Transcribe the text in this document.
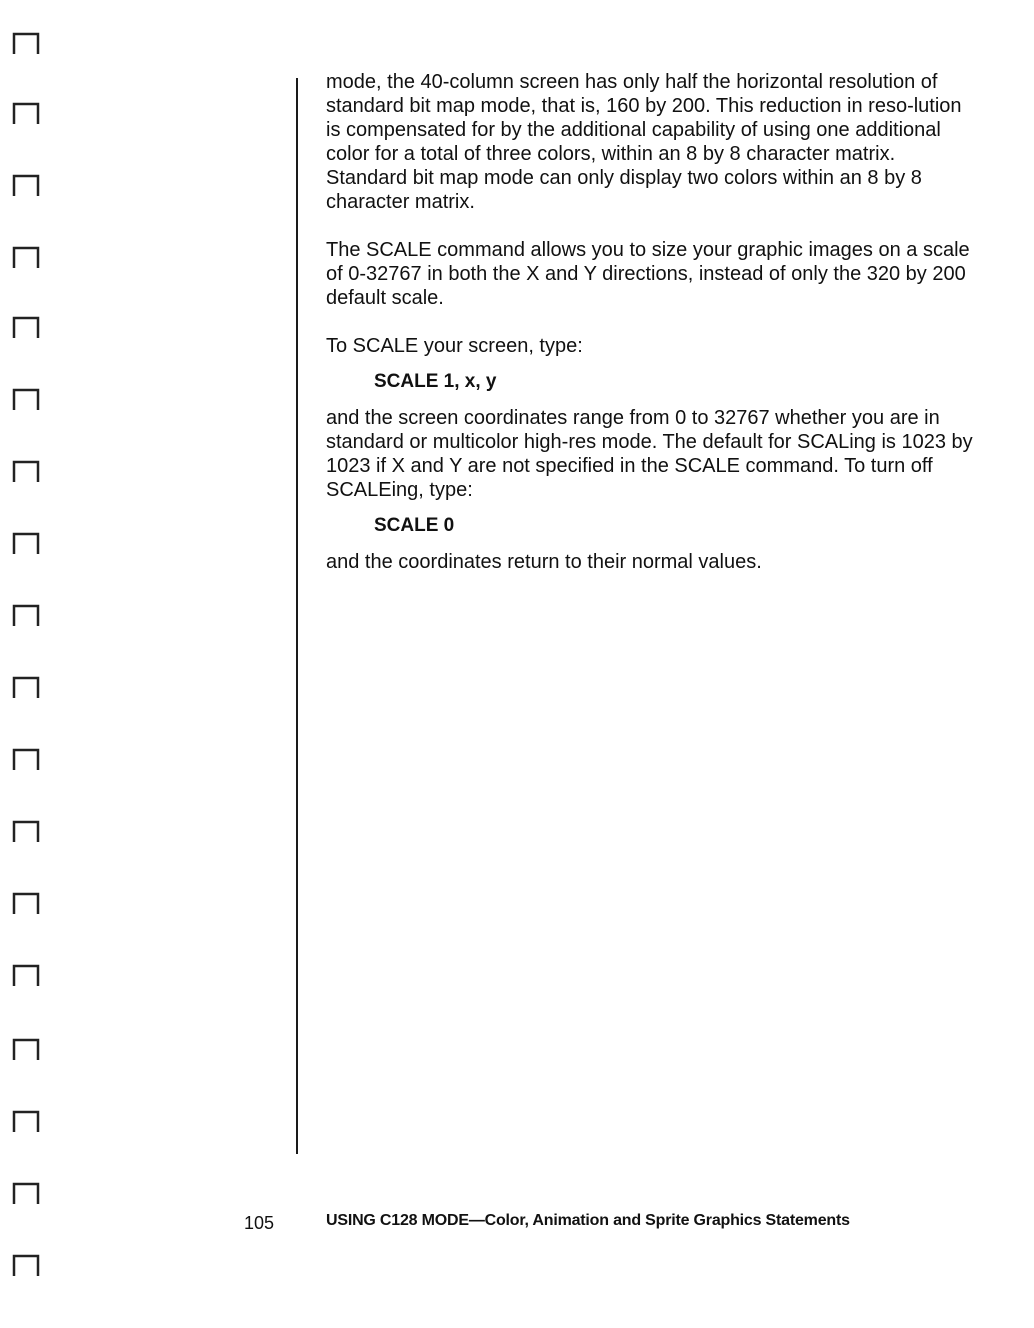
mode, the 40-column screen has only half the horizontal resolution of standard bit map mode, that is, 160 by 200. This reduction in reso-lution is compensated for by the additional capability of using one additional color for a total of three colors, within an 8 by 8 character matrix. Standard bit map mode can only display two colors within an 8 by 8 character matrix.

The SCALE command allows you to size your graphic images on a scale of 0-32767 in both the X and Y directions, instead of only the 320 by 200 default scale.

To SCALE your screen, type:

SCALE 1, x, y

and the screen coordinates range from 0 to 32767 whether you are in standard or multicolor high-res mode. The default for SCALing is 1023 by 1023 if X and Y are not specified in the SCALE command. To turn off SCALEing, type:

SCALE 0

and the coordinates return to their normal values.

105	USING C128 MODE—Color, Animation and Sprite Graphics Statements
